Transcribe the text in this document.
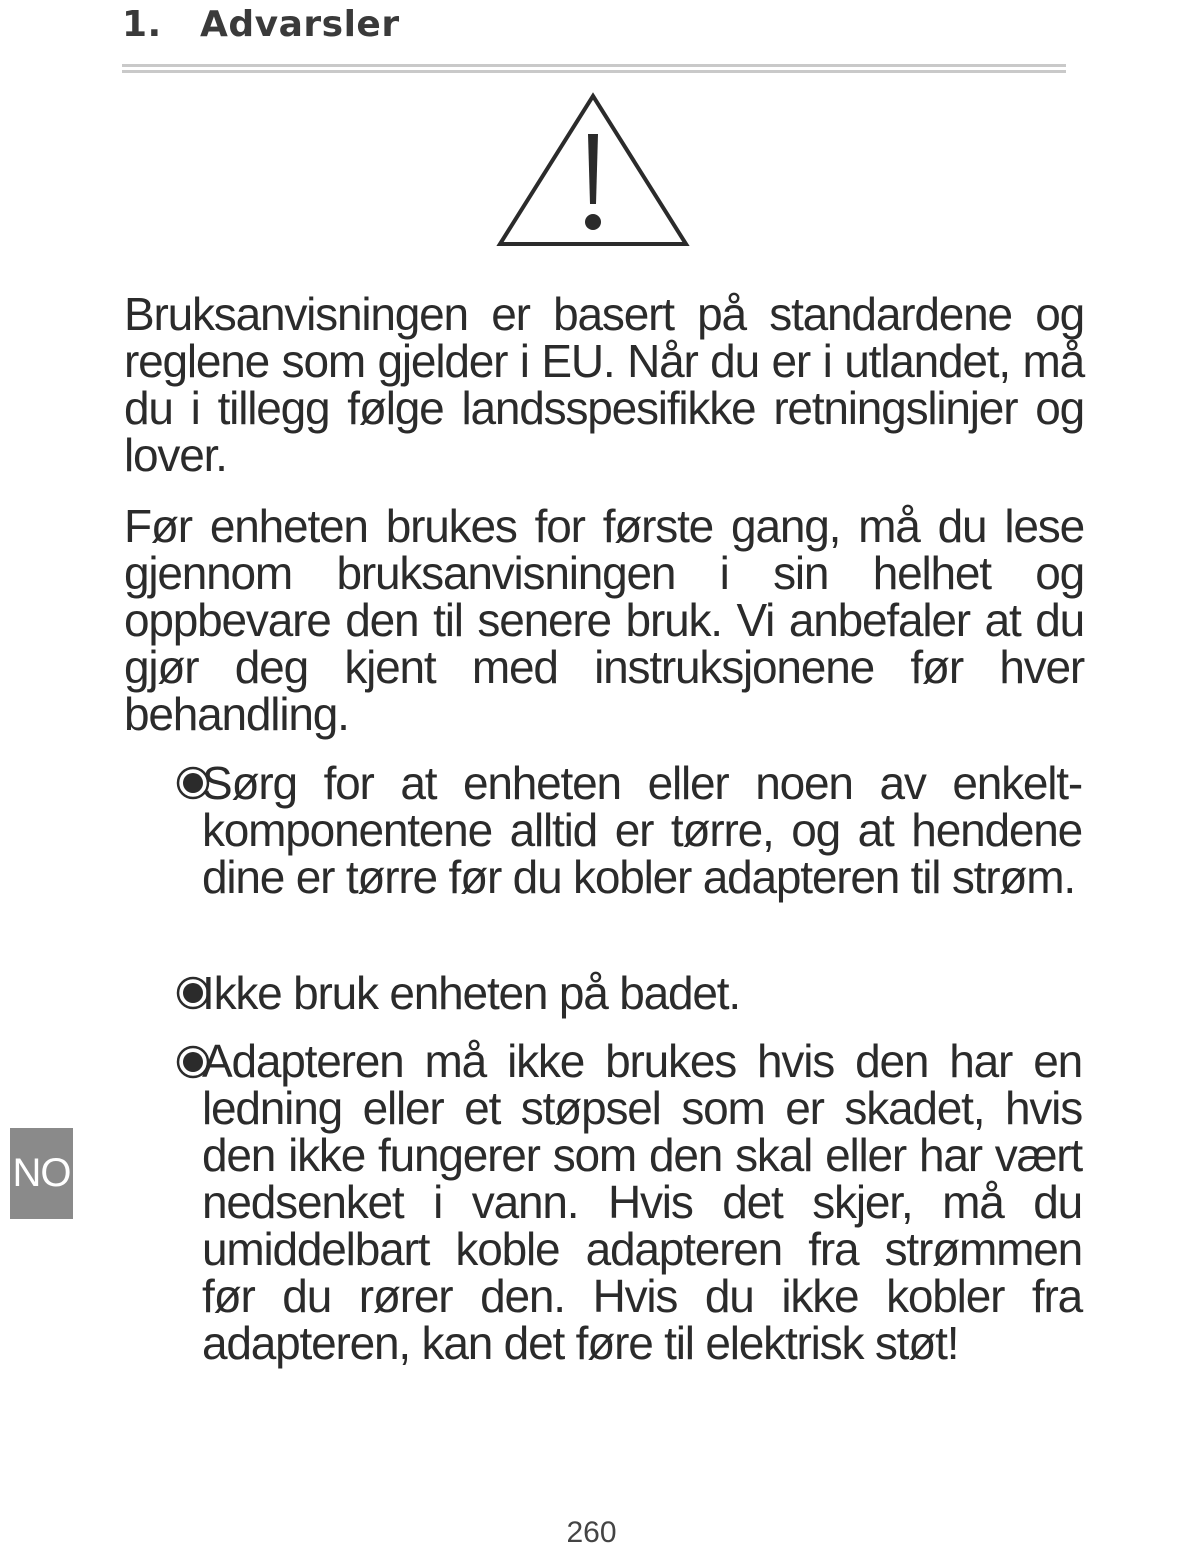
1. Advarsler

Bruksanvisningen er basert på standardene og reglene som gjelder i EU. Når du er i utlandet, må du i tillegg følge landsspesifikke retningslinjer og lover.

Før enheten brukes for første gang, må du lese gjennom bruksanvisningen i sin helhet og oppbevare den til senere bruk. Vi anbefaler at du gjør deg kjent med instruksjonene før hver behandling.

Sørg for at enheten eller noen av enkelt-komponentene alltid er tørre, og at hendene dine er tørre før du kobler adapteren til strøm.
Ikke bruk enheten på badet.
Adapteren må ikke brukes hvis den har en ledning eller et støpsel som er skadet, hvis den ikke fungerer som den skal eller har vært nedsenket i vann. Hvis det skjer, må du umiddelbart koble adapteren fra strømmen før du rører den. Hvis du ikke kobler fra adapteren, kan det føre til elektrisk støt!
NO
260
